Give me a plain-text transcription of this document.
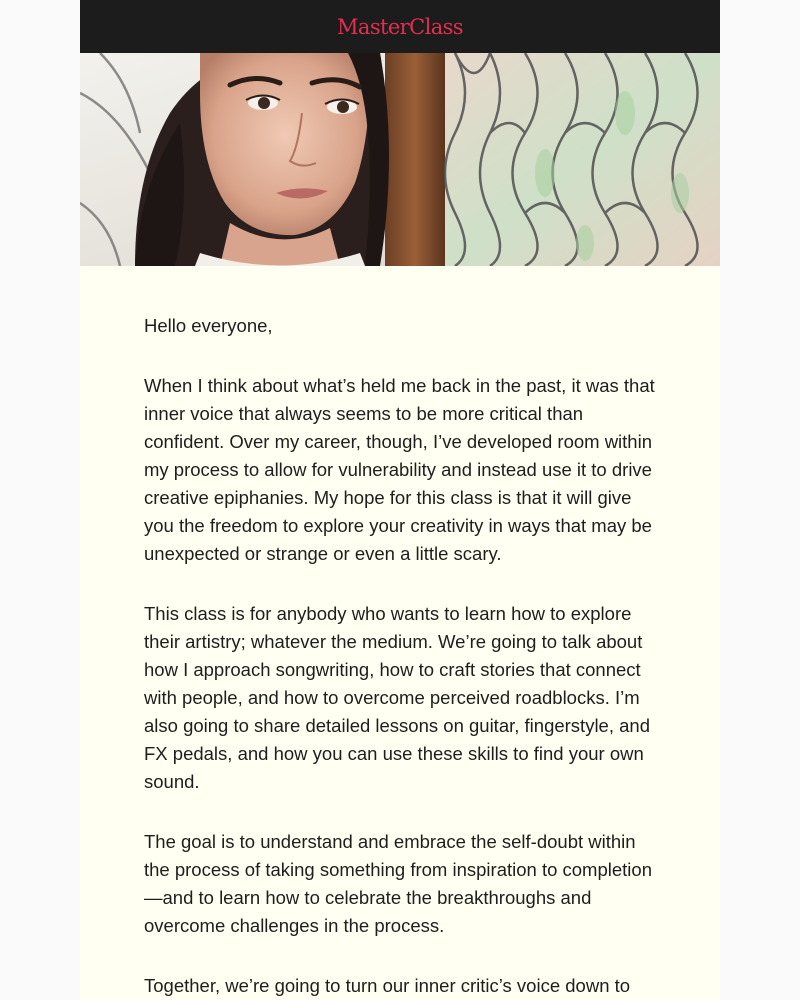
MasterClass

Hello everyone,

When I think about what’s held me back in the past, it was that inner voice that always seems to be more critical than confident. Over my career, though, I’ve developed room within my process to allow for vulnerability and instead use it to drive creative epiphanies. My hope for this class is that it will give you the freedom to explore your creativity in ways that may be unexpected or strange or even a little scary.

This class is for anybody who wants to learn how to explore their artistry; whatever the medium. We’re going to talk about how I approach songwriting, how to craft stories that connect with people, and how to overcome perceived roadblocks. I’m also going to share detailed lessons on guitar, fingerstyle, and FX pedals, and how you can use these skills to find your own sound.

The goal is to understand and embrace the self-doubt within the process of taking something from inspiration to completion—and to learn how to celebrate the breakthroughs and overcome challenges in the process.

Together, we’re going to turn our inner critic’s voice down to
